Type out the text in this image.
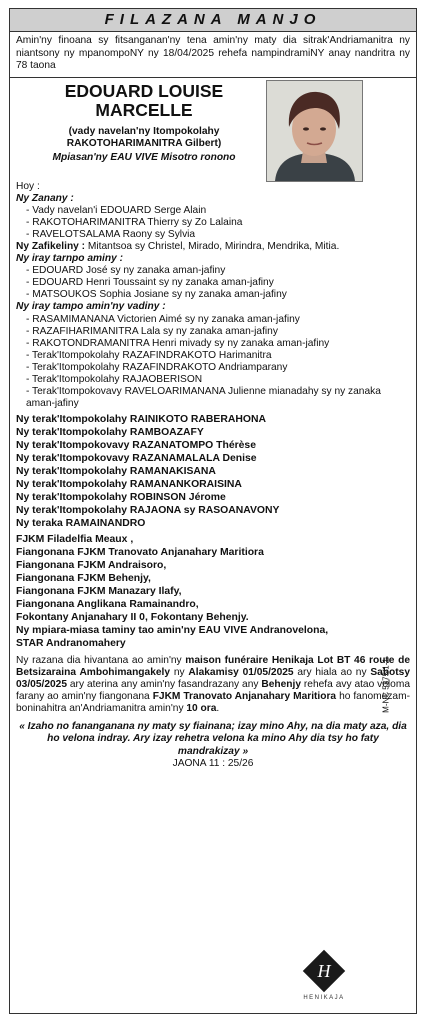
FILAZANA MANJO
Amin'ny finoana sy fitsanganan'ny tena amin'ny maty dia sitrak'Andriamanitra ny niantsony ny mpanompoNY ny 18/04/2025 rehefa nampindramiNY anay nandritra ny 78 taona
EDOUARD LOUISE
MARCELLE
(vady navelan'ny Itompokolahy
RAKOTOHARIMANITRA Gilbert)
Mpiasan'ny EAU VIVE Misotro ronono
Hoy :
Ny Zanany :
- Vady navelan'i EDOUARD Serge Alain
- RAKOTOHARIMANITRA Thierry sy Zo Lalaina
- RAVELOTSALAMA Raony sy Sylvia
Ny Zafikeliny : Mitantsoa sy Christel, Mirado, Mirindra, Mendrika, Mitia.
Ny iray tarnpo aminy :
- EDOUARD José sy ny zanaka aman-jafiny
- EDOUARD Henri Toussaint sy ny zanaka aman-jafiny
- MATSOUKOS Sophia Josiane sy ny zanaka aman-jafiny
Ny iray tampo amin'ny vadiny :
- RASAMIMANANA Victorien Aimé sy ny zanaka aman-jafiny
- RAZAFIHARIMANITRA Lala sy ny zanaka aman-jafiny
- RAKOTONDRAMANITRA Henri mivady sy ny zanaka aman-jafiny
- Terak'Itompokolahy RAZAFINDRAKOTO Harimanitra
- Terak'Itompokolahy RAZAFINDRAKOTO Andriamparany
- Terak'Itompokolahy RAJAOBERISON
- Terak'Itompokovavy RAVELOARIMANANA Julienne mianadahy sy ny zanaka aman-jafiny
Ny terak'Itompokolahy RAINIKOTO RABERAHONA
Ny terak'Itompokolahy RAMBOAZAFY
Ny terak'Itompokovavy RAZANATOMPO Thérèse
Ny terak'Itompokovavy RAZANAMALALA Denise
Ny terak'Itompokolahy RAMANAKISANA
Ny terak'Itompokolahy RAMANANKORAISINA
Ny terak'Itompokolahy ROBINSON Jérome
Ny terak'Itompokolahy RAJAONA sy RASOANAVONY
Ny teraka RAMAINANDRO
FJKM Filadelfia Meaux ,
Fiangonana FJKM Tranovato Anjanahary Maritiora
Fiangonana FJKM Andraisoro,
Fiangonana FJKM Behenjy,
Fiangonana FJKM Manazary Ilafy,
Fiangonana Anglikana Ramainandro,
Fokontany Anjanahary II 0, Fokontany Behenjy.
Ny mpiara-miasa taminy tao amin'ny EAU VIVE Andranovelona,
STAR Andranomahery
Ny razana dia hivantana ao amin'ny maison funéraire Henikaja Lot BT 46 route de Betsizaraina Ambohimangakely ny Alakamisy 01/05/2025 ary hiala ao ny Sabotsy 03/05/2025 ary aterina any amin'ny fasandrazany any Behenjy rehefa avy atao veloma farany ao amin'ny fiangonana FJKM Tranovato Anjanahary Maritiora ho fanomezam-boninahitra an'Andriamanitra amin'ny 10 ora.
« Izaho no fananganana ny maty sy fiainana; izay mino Ahy, na dia maty aza, dia ho velona indray. Ary izay rehetra velona ka mino Ahy dia tsy ho faty mandrakizay »
JAONA 11 : 25/26
M-NC 5375/1-1
H
HENIKAJA
